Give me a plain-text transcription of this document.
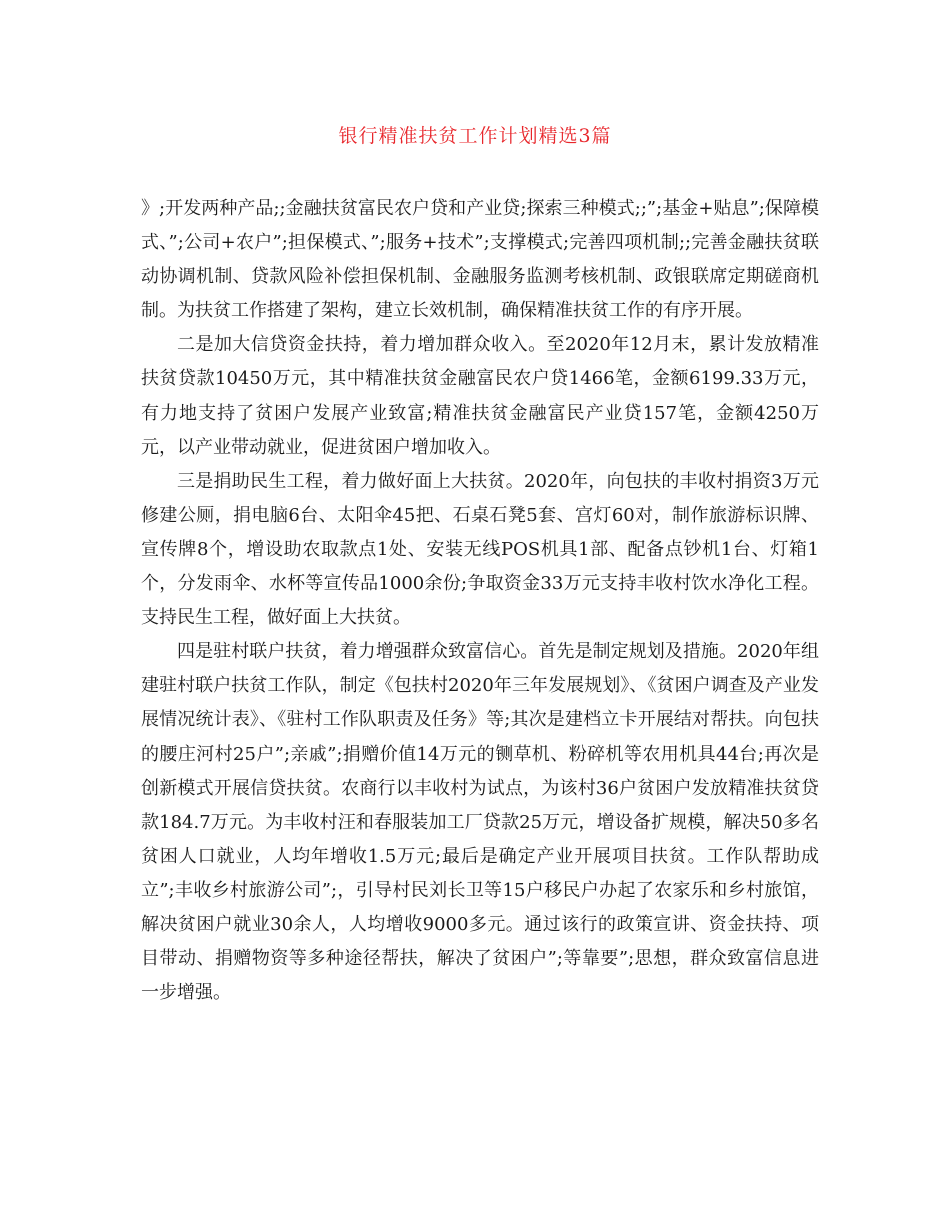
银行精准扶贫工作计划精选3篇

》;开发两种产品;;金融扶贫富民农户贷和产业贷;探索三种模式;;”;基金+贴息”;保障模式、”;公司+农户”;担保模式、”;服务+技术”;支撑模式;完善四项机制;;完善金融扶贫联动协调机制、贷款风险补偿担保机制、金融服务监测考核机制、政银联席定期磋商机制。为扶贫工作搭建了架构，建立长效机制，确保精准扶贫工作的有序开展。

二是加大信贷资金扶持，着力增加群众收入。至2020年12月末，累计发放精准扶贫贷款10450万元，其中精准扶贫金融富民农户贷1466笔，金额6199.33万元，有力地支持了贫困户发展产业致富;精准扶贫金融富民产业贷157笔，金额4250万元，以产业带动就业，促进贫困户增加收入。

三是捐助民生工程，着力做好面上大扶贫。2020年，向包扶的丰收村捐资3万元修建公厕，捐电脑6台、太阳伞45把、石桌石凳5套、宫灯60对，制作旅游标识牌、宣传牌8个，增设助农取款点1处、安装无线POS机具1部、配备点钞机1台、灯箱1个，分发雨伞、水杯等宣传品1000余份;争取资金33万元支持丰收村饮水净化工程。支持民生工程，做好面上大扶贫。

四是驻村联户扶贫，着力增强群众致富信心。首先是制定规划及措施。2020年组建驻村联户扶贫工作队，制定《包扶村2020年三年发展规划》、《贫困户调查及产业发展情况统计表》、《驻村工作队职责及任务》等;其次是建档立卡开展结对帮扶。向包扶的腰庄河村25户”;亲戚”;捐赠价值14万元的铡草机、粉碎机等农用机具44台;再次是创新模式开展信贷扶贫。农商行以丰收村为试点，为该村36户贫困户发放精准扶贫贷款184.7万元。为丰收村汪和春服装加工厂贷款25万元，增设备扩规模，解决50多名贫困人口就业，人均年增收1.5万元;最后是确定产业开展项目扶贫。工作队帮助成立”;丰收乡村旅游公司”;，引导村民刘长卫等15户移民户办起了农家乐和乡村旅馆，解决贫困户就业30余人，人均增收9000多元。通过该行的政策宣讲、资金扶持、项目带动、捐赠物资等多种途径帮扶，解决了贫困户”;等靠要”;思想，群众致富信息进一步增强。
